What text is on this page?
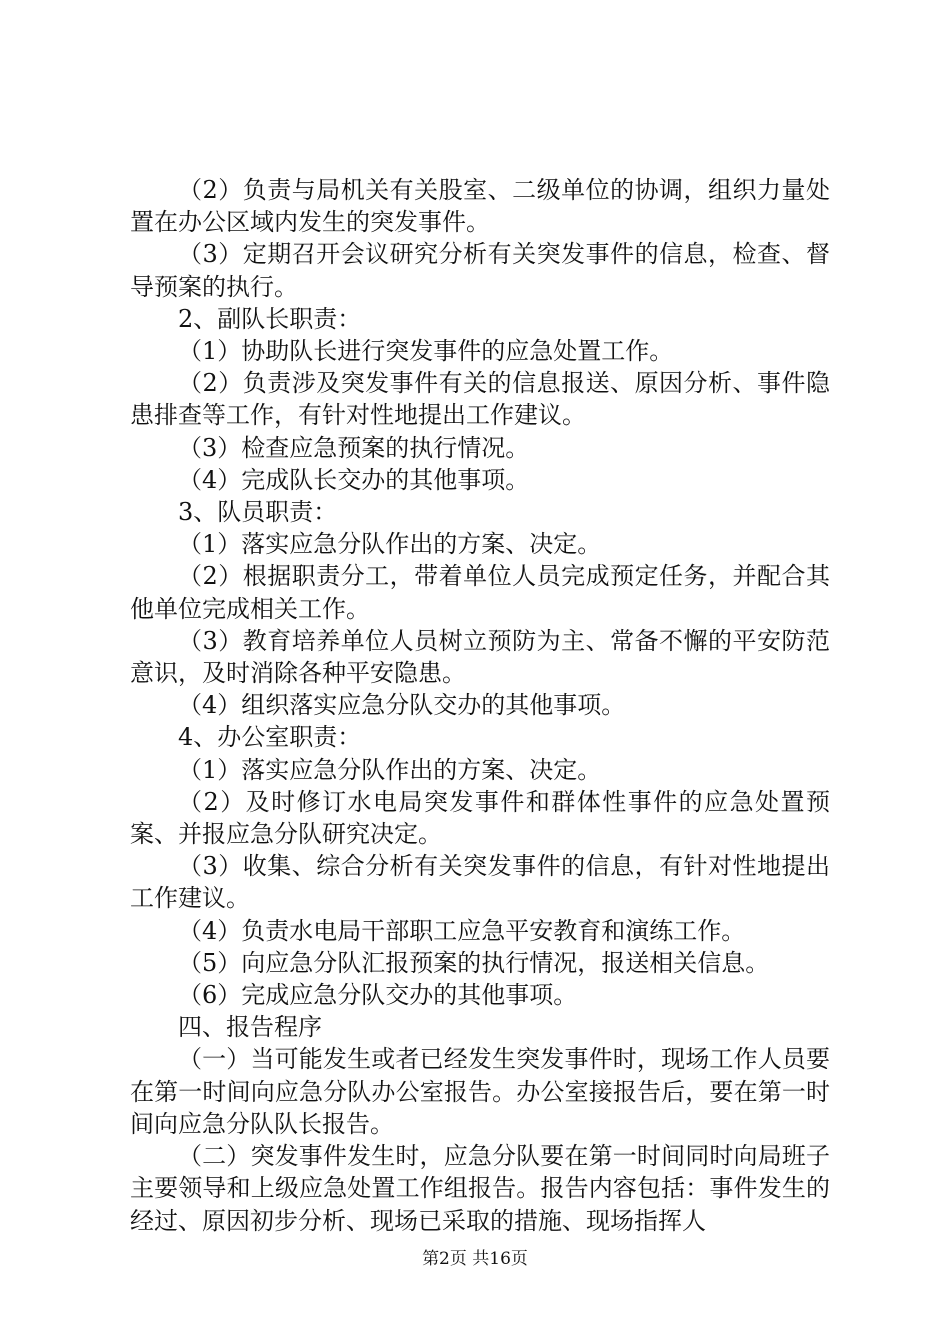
（2）负责与局机关有关股室、二级单位的协调，组织力量处置在办公区域内发生的突发事件。

（3）定期召开会议研究分析有关突发事件的信息，检查、督导预案的执行。

2、副队长职责：

（1）协助队长进行突发事件的应急处置工作。

（2）负责涉及突发事件有关的信息报送、原因分析、事件隐患排查等工作，有针对性地提出工作建议。

（3）检查应急预案的执行情况。

（4）完成队长交办的其他事项。

3、队员职责：

（1）落实应急分队作出的方案、决定。

（2）根据职责分工，带着单位人员完成预定任务，并配合其他单位完成相关工作。

（3）教育培养单位人员树立预防为主、常备不懈的平安防范意识，及时消除各种平安隐患。

（4）组织落实应急分队交办的其他事项。

4、办公室职责：

（1）落实应急分队作出的方案、决定。

（2）及时修订水电局突发事件和群体性事件的应急处置预案、并报应急分队研究决定。

（3）收集、综合分析有关突发事件的信息，有针对性地提出工作建议。

（4）负责水电局干部职工应急平安教育和演练工作。

（5）向应急分队汇报预案的执行情况，报送相关信息。

（6）完成应急分队交办的其他事项。

四、报告程序

（一）当可能发生或者已经发生突发事件时，现场工作人员要在第一时间向应急分队办公室报告。办公室接报告后，要在第一时间向应急分队队长报告。

（二）突发事件发生时，应急分队要在第一时间同时向局班子主要领导和上级应急处置工作组报告。报告内容包括：事件发生的经过、原因初步分析、现场已采取的措施、现场指挥人

第2页 共16页
